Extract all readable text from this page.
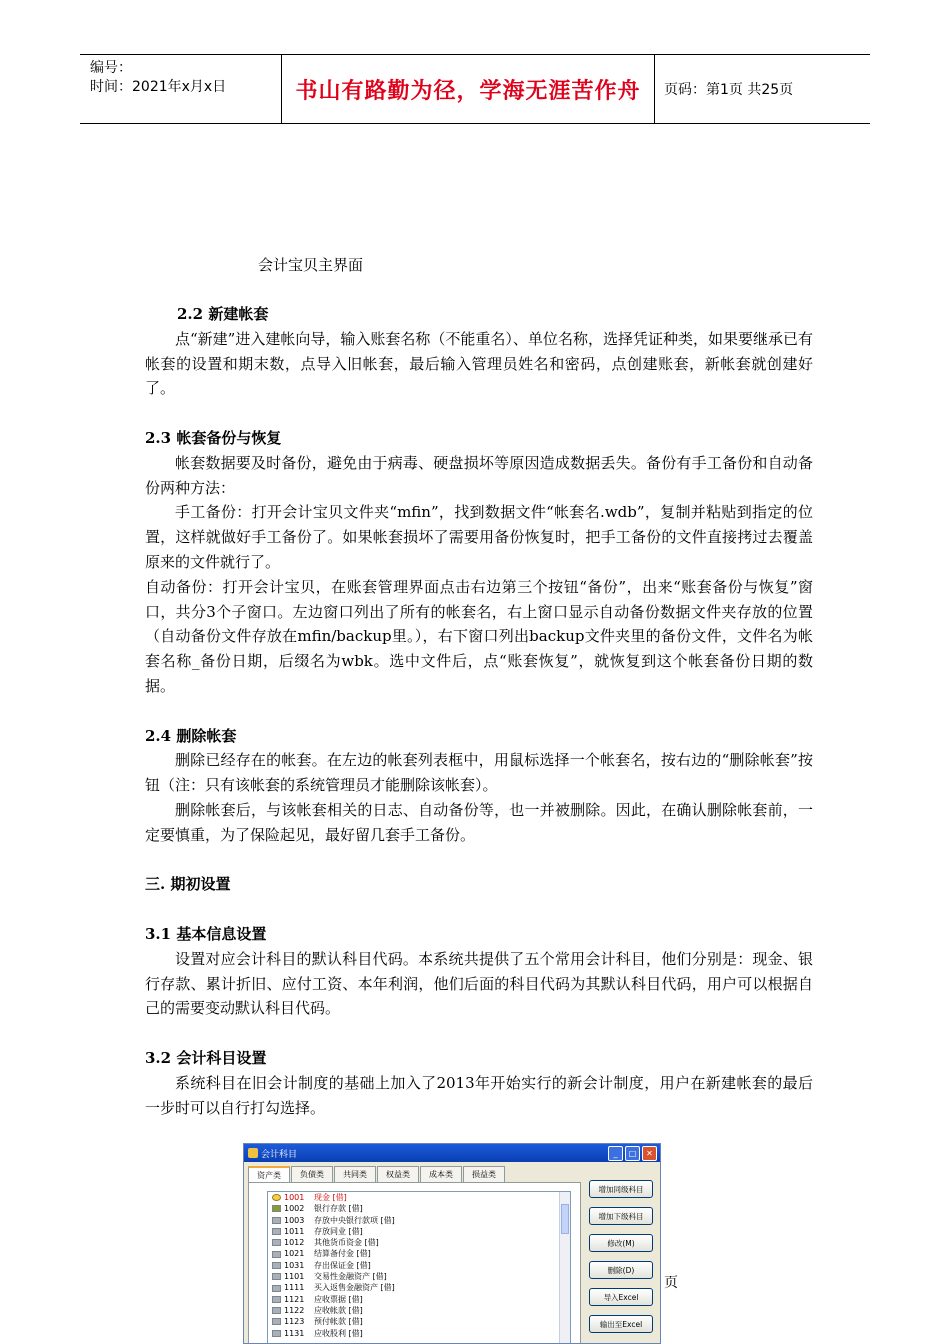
编号：
时间：2021年x月x日	书山有路勤为径，学海无涯苦作舟	页码：第1页 共25页
会计宝贝主界面
2.2 新建帐套

点“新建”进入建帐向导，输入账套名称（不能重名）、单位名称，选择凭证种类，如果要继承已有帐套的设置和期末数，点导入旧帐套，最后输入管理员姓名和密码，点创建账套，新帐套就创建好了。

2.3 帐套备份与恢复

帐套数据要及时备份，避免由于病毒、硬盘损坏等原因造成数据丢失。备份有手工备份和自动备份两种方法：

手工备份：打开会计宝贝文件夹“mfin”，找到数据文件“帐套名.wdb”，复制并粘贴到指定的位置，这样就做好手工备份了。如果帐套损坏了需要用备份恢复时，把手工备份的文件直接拷过去覆盖原来的文件就行了。

自动备份：打开会计宝贝，在账套管理界面点击右边第三个按钮“备份”，出来“账套备份与恢复”窗口，共分3个子窗口。左边窗口列出了所有的帐套名，右上窗口显示自动备份数据文件夹存放的位置（自动备份文件存放在mfin/backup里。），右下窗口列出backup文件夹里的备份文件，文件名为帐套名称_备份日期，后缀名为wbk。选中文件后，点“账套恢复”，就恢复到这个帐套备份日期的数据。

2.4 删除帐套

删除已经存在的帐套。在左边的帐套列表框中，用鼠标选择一个帐套名，按右边的“删除帐套”按钮（注：只有该帐套的系统管理员才能删除该帐套）。

删除帐套后，与该帐套相关的日志、自动备份等，也一并被删除。因此，在确认删除帐套前，一定要慎重，为了保险起见，最好留几套手工备份。

三. 期初设置
3.1 基本信息设置

设置对应会计科目的默认科目代码。本系统共提供了五个常用会计科目，他们分别是：现金、银行存款、累计折旧、应付工资、本年利润，他们后面的科目代码为其默认科目代码，用户可以根据自己的需要变动默认科目代码。

3.2 会计科目设置

系统科目在旧会计制度的基础上加入了2013年开始实行的新会计制度，用户在新建帐套的最后一步时可以自行打勾选择。

会计科目	_	□	✕
资产类	负债类	共同类	权益类	成本类	损益类
1001	现金 [借]
1002	银行存款 [借]
1003	存放中央银行款项 [借]
1011	存放同业 [借]
1012	其他货币资金 [借]
1021	结算备付金 [借]
1031	存出保证金 [借]
1101	交易性金融资产 [借]
1111	买入返售金融资产 [借]
1121	应收票据 [借]
1122	应收帐款 [借]
1123	预付帐款 [借]
1131	应收股利 [借]
增加同级科目
增加下级科目
修改(M)
删除(D)
导入Excel
输出至Excel
页
